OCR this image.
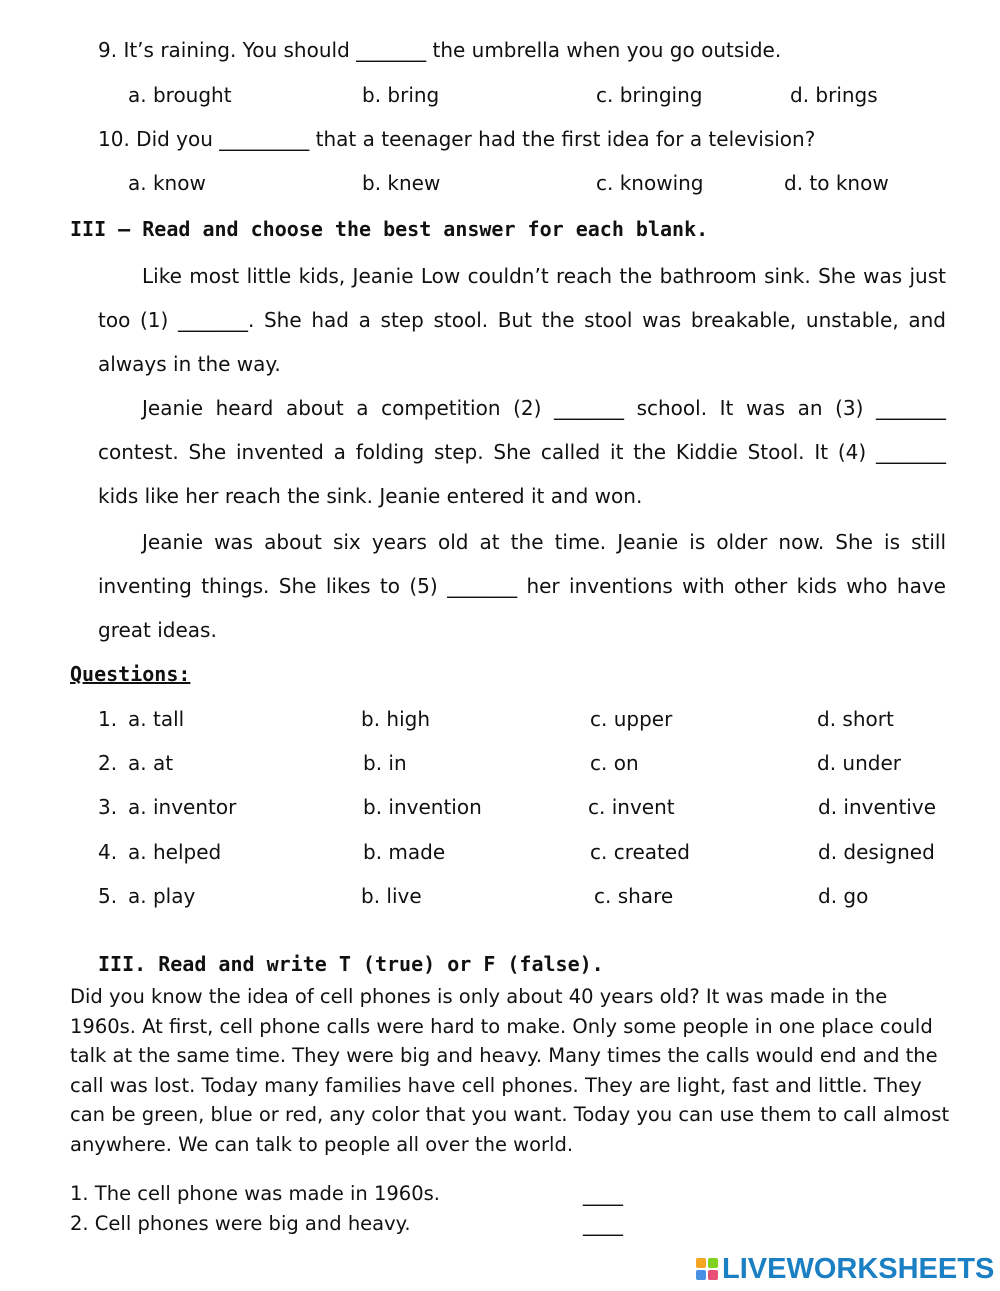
9. It’s raining. You should _______ the umbrella when you go outside.
a. brought	b. bring	c. bringing	d. brings
10. Did you _________ that a teenager had the first idea for a television?
a. know	b. knew	c. knowing	d. to know
III – Read and choose the best answer for each blank.
Like most little kids, Jeanie Low couldn’t reach the bathroom sink. She was just
too (1) _______. She had a step stool. But the stool was breakable, unstable, and
always in the way.
Jeanie heard about a competition (2) _______ school. It was an (3) _______
contest. She invented a folding step. She called it the Kiddie Stool. It (4) _______
kids like her reach the sink. Jeanie entered it and won.
Jeanie was about six years old at the time. Jeanie is older now. She is still
inventing things. She likes to (5) _______ her inventions with other kids who have
great ideas.
Questions:
1. a. tall	b. high	c. upper	d. short
2. a. at	b. in	c. on	d. under
3. a. inventor	b. invention	c. invent	d. inventive
4. a. helped	b. made	c. created	d. designed
5. a. play	b. live	c. share	d. go
III. Read and write T (true) or F (false).
Did you know the idea of cell phones is only about 40 years old? It was made in the
1960s. At first, cell phone calls were hard to make. Only some people in one place could
talk at the same time. They were big and heavy. Many times the calls would end and the
call was lost. Today many families have cell phones. They are light, fast and little. They
can be green, blue or red, any color that you want. Today you can use them to call almost
anywhere. We can talk to people all over the world.
1. The cell phone was made in 1960s.	____
2. Cell phones were big and heavy.	____
LIVEWORKSHEETS
